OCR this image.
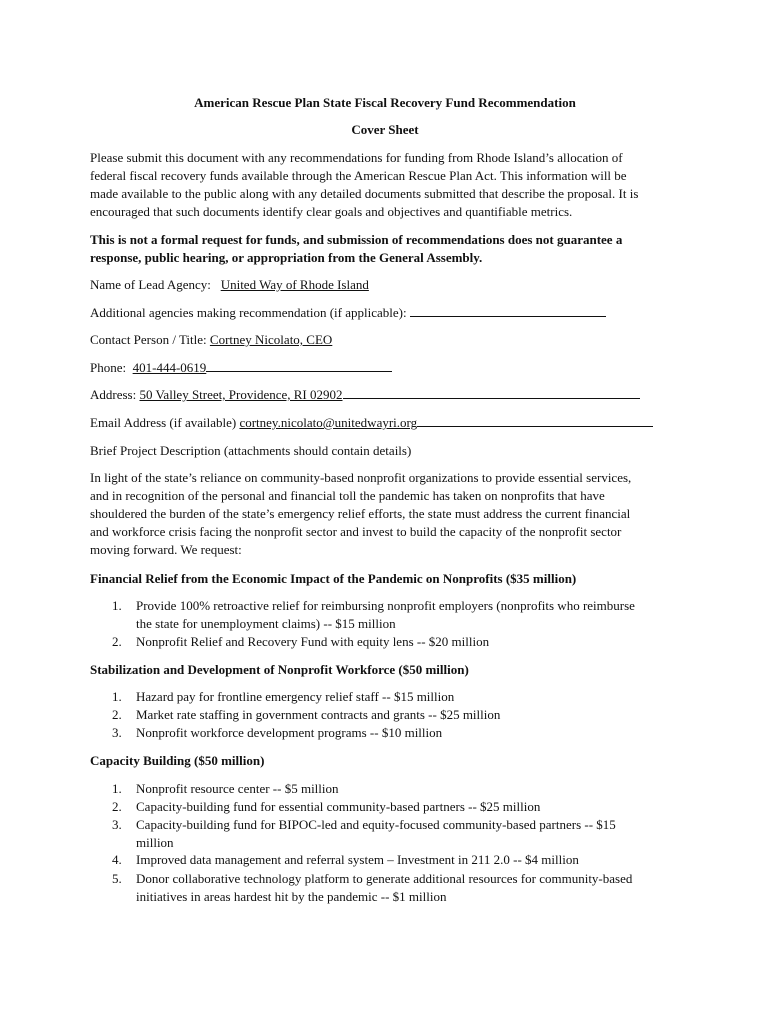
American Rescue Plan State Fiscal Recovery Fund Recommendation
Cover Sheet
Please submit this document with any recommendations for funding from Rhode Island’s allocation of
federal fiscal recovery funds available through the American Rescue Plan Act. This information will be
made available to the public along with any detailed documents submitted that describe the proposal. It is
encouraged that such documents identify clear goals and objectives and quantifiable metrics.
This is not a formal request for funds, and submission of recommendations does not guarantee a
response, public hearing, or appropriation from the General Assembly.
Name of Lead Agency: United Way of Rhode Island
Additional agencies making recommendation (if applicable):
Contact Person / Title: Cortney Nicolato, CEO
Phone: 401-444-0619
Address: 50 Valley Street, Providence, RI 02902
Email Address (if available) cortney.nicolato@unitedwayri.org
Brief Project Description (attachments should contain details)
In light of the state’s reliance on community-based nonprofit organizations to provide essential services,
and in recognition of the personal and financial toll the pandemic has taken on nonprofits that have
shouldered the burden of the state’s emergency relief efforts, the state must address the current financial
and workforce crisis facing the nonprofit sector and invest to build the capacity of the nonprofit sector
moving forward. We request:
Financial Relief from the Economic Impact of the Pandemic on Nonprofits ($35 million)
1. Provide 100% retroactive relief for reimbursing nonprofit employers (nonprofits who reimburse
the state for unemployment claims) -- $15 million
2. Nonprofit Relief and Recovery Fund with equity lens -- $20 million
Stabilization and Development of Nonprofit Workforce ($50 million)
1. Hazard pay for frontline emergency relief staff -- $15 million
2. Market rate staffing in government contracts and grants -- $25 million
3. Nonprofit workforce development programs -- $10 million
Capacity Building ($50 million)
1. Nonprofit resource center -- $5 million
2. Capacity-building fund for essential community-based partners -- $25 million
3. Capacity-building fund for BIPOC-led and equity-focused community-based partners -- $15
million
4. Improved data management and referral system – Investment in 211 2.0 -- $4 million
5. Donor collaborative technology platform to generate additional resources for community-based
initiatives in areas hardest hit by the pandemic -- $1 million
